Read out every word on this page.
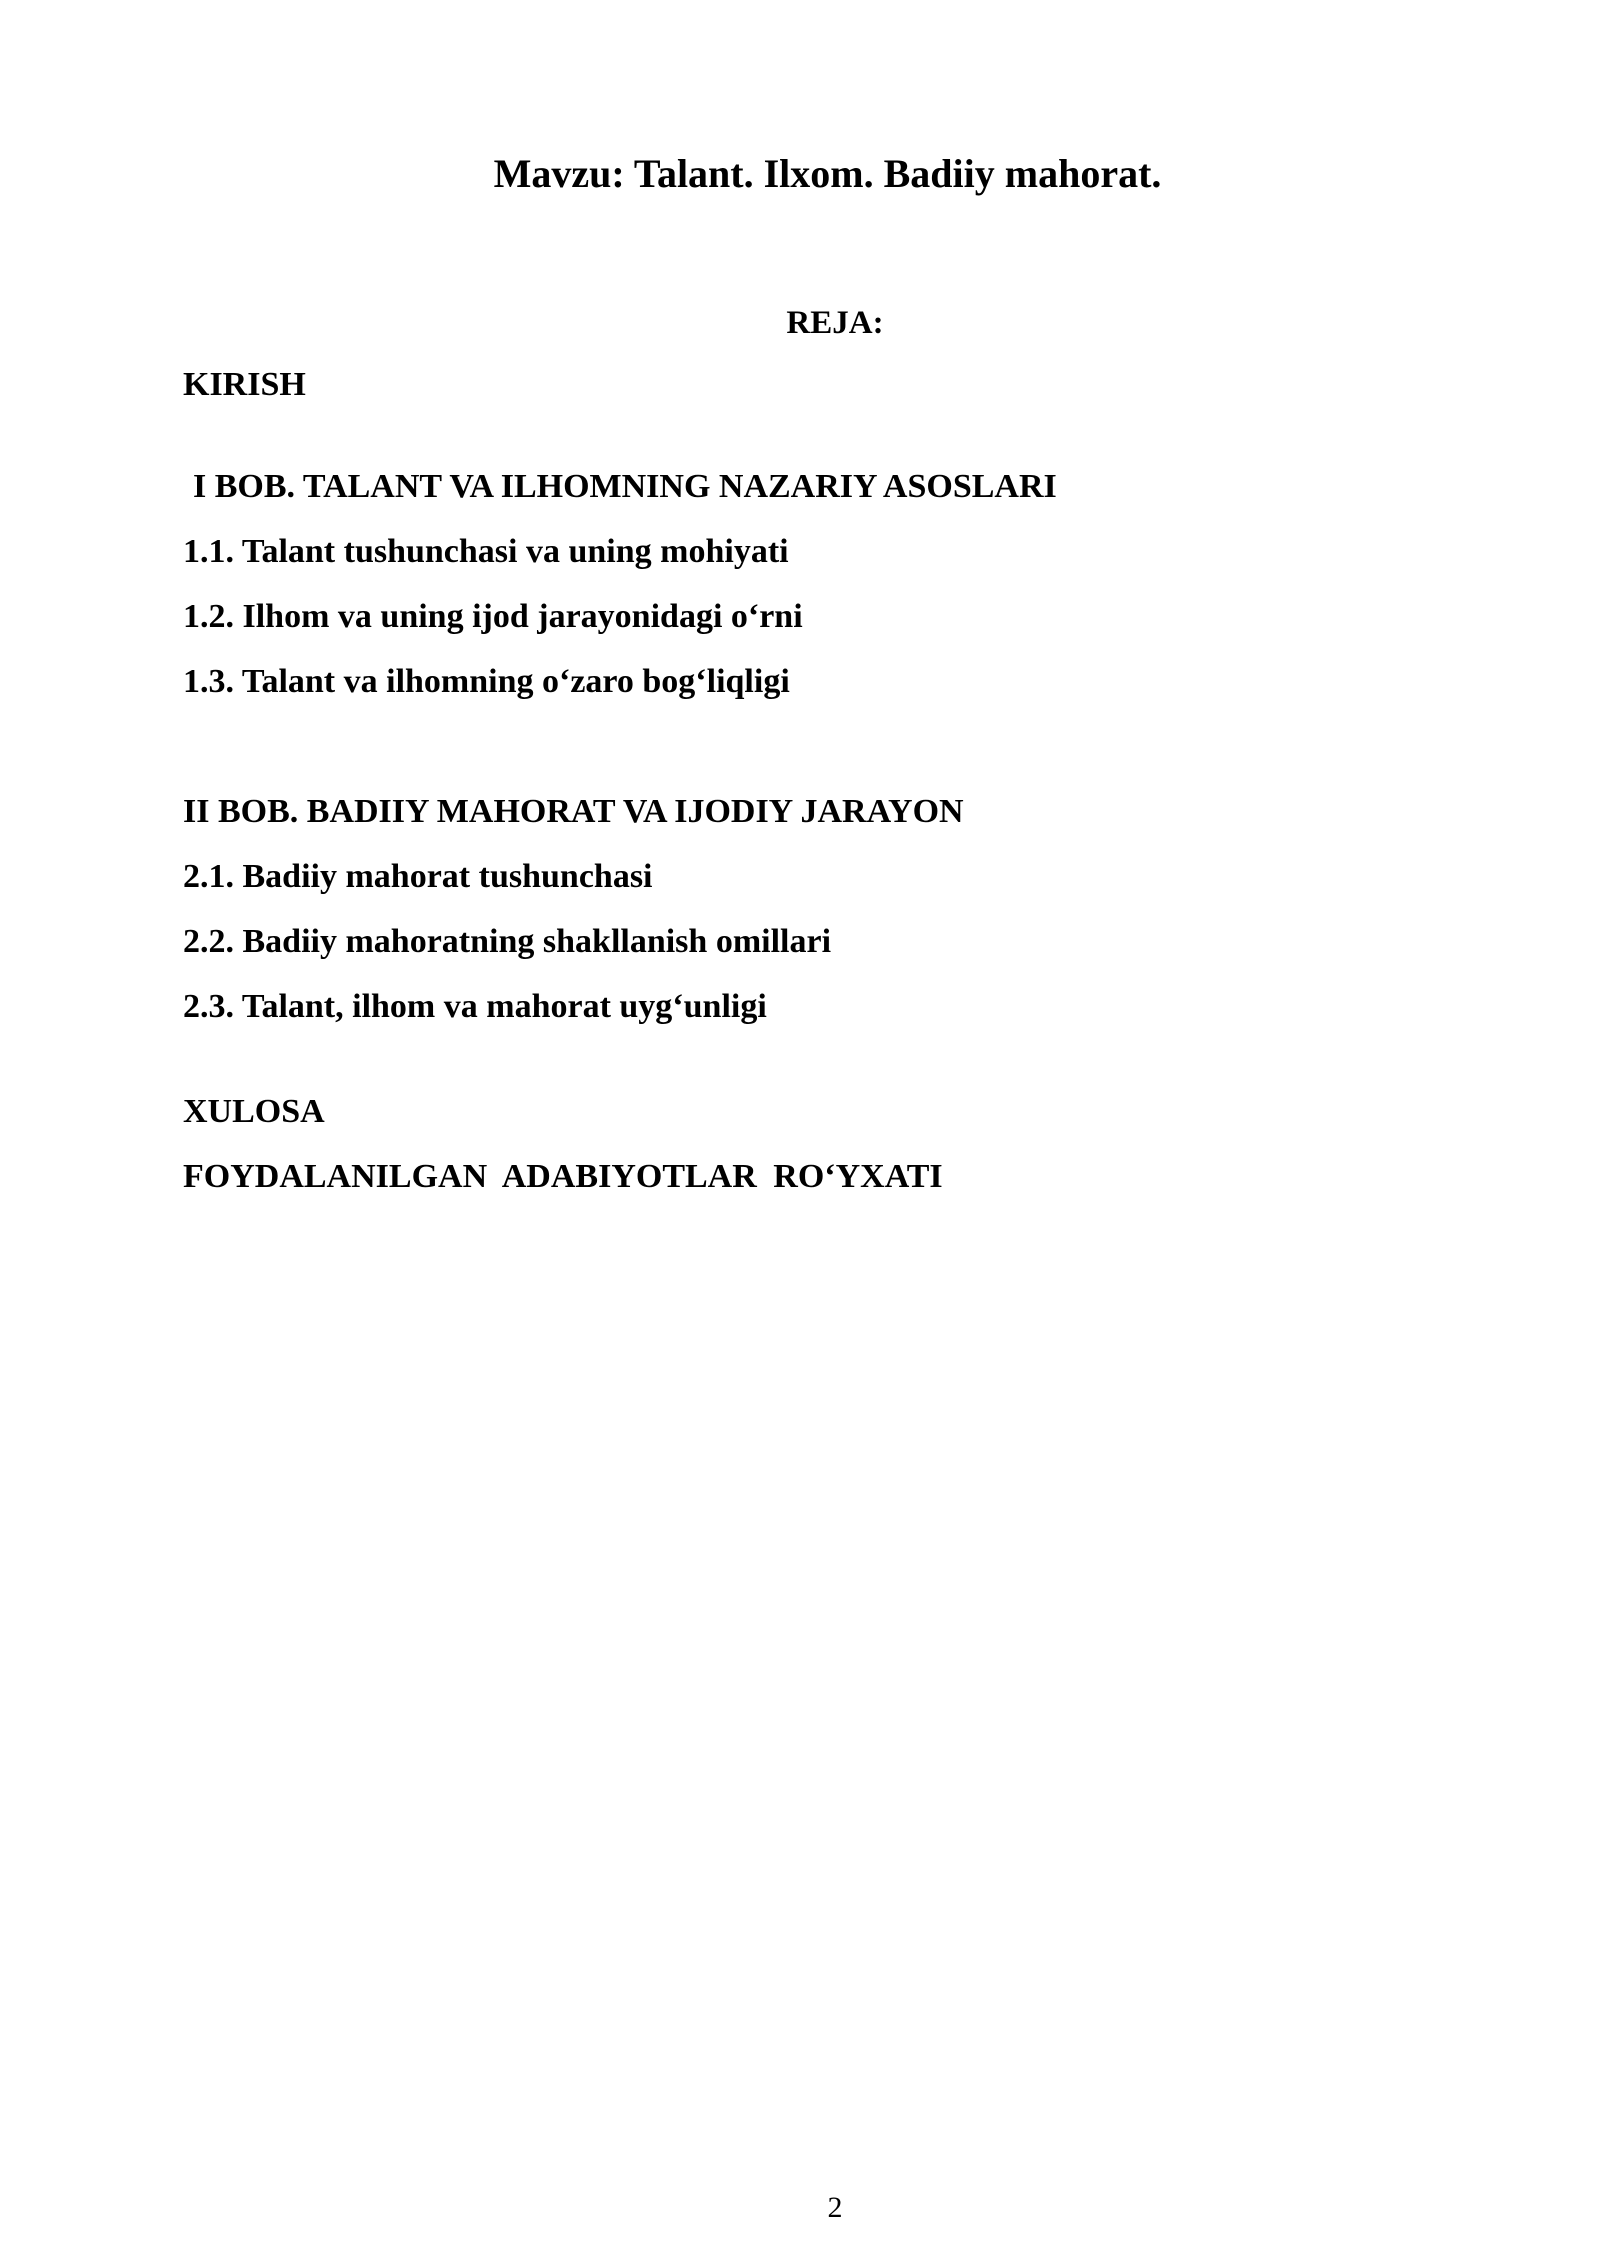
Mavzu: Talant. Ilxom. Badiiy mahorat.
REJA:

KIRISH

I BOB. TALANT VA ILHOMNING NAZARIY ASOSLARI

1.1. Talant tushunchasi va uning mohiyati

1.2. Ilhom va uning ijod jarayonidagi o‘rni

1.3. Talant va ilhomning o‘zaro bog‘liqligi

II BOB. BADIIY MAHORAT VA IJODIY JARAYON

2.1. Badiiy mahorat tushunchasi

2.2. Badiiy mahoratning shakllanish omillari

2.3. Talant, ilhom va mahorat uyg‘unligi

XULOSA

FOYDALANILGAN ADABIYOTLAR RO‘YXATI

2
